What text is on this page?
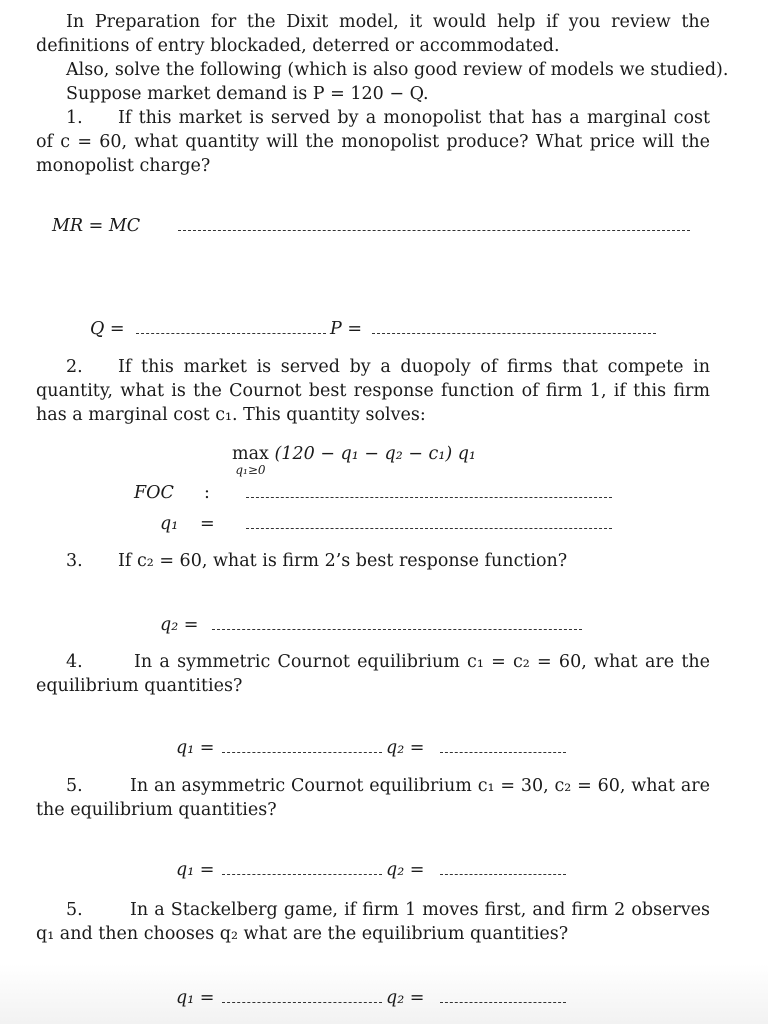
In Preparation for the Dixit model, it would help if you review the definitions of entry blockaded, deterred or accommodated.
Also, solve the following (which is also good review of models we studied).
Suppose market demand is P = 120 − Q.
1. If this market is served by a monopolist that has a marginal cost of c = 60, what quantity will the monopolist produce? What price will the monopolist charge?
MR = MC
Q =	P =
2. If this market is served by a duopoly of firms that compete in quantity, what is the Cournot best response function of firm 1, if this firm has a marginal cost c₁. This quantity solves:
max
q₁≥0
(120 − q₁ − q₂ − c₁) q₁
FOC :
q₁ =
3. If c₂ = 60, what is firm 2’s best response function?
q₂ =
4.	In a symmetric Cournot equilibrium c₁ = c₂ = 60, what are the equilibrium quantities?
q₁ =	q₂ =
5.	In an asymmetric Cournot equilibrium c₁ = 30, c₂ = 60, what are the equilibrium quantities?
q₁ =	q₂ =
5.	In a Stackelberg game, if firm 1 moves first, and firm 2 observes q₁ and then chooses q₂ what are the equilibrium quantities?
q₁ =	q₂ =
